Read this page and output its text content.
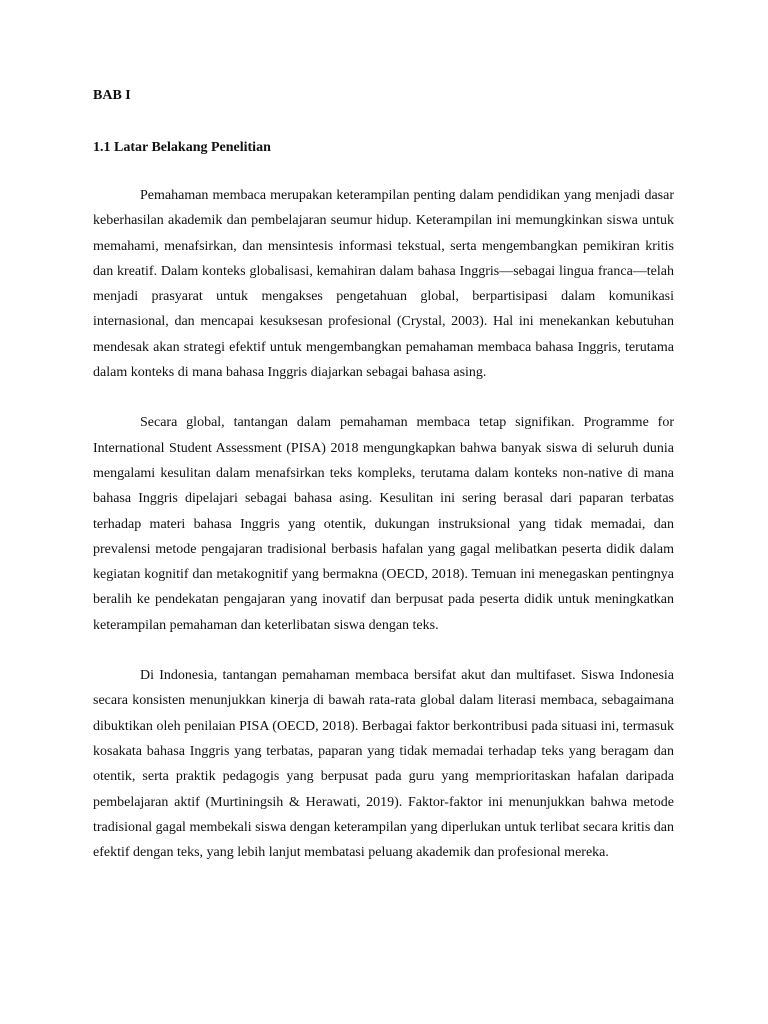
BAB I

1.1 Latar Belakang Penelitian

Pemahaman membaca merupakan keterampilan penting dalam pendidikan yang menjadi dasar keberhasilan akademik dan pembelajaran seumur hidup. Keterampilan ini memungkinkan siswa untuk memahami, menafsirkan, dan mensintesis informasi tekstual, serta mengembangkan pemikiran kritis dan kreatif. Dalam konteks globalisasi, kemahiran dalam bahasa Inggris—sebagai lingua franca—telah menjadi prasyarat untuk mengakses pengetahuan global, berpartisipasi dalam komunikasi internasional, dan mencapai kesuksesan profesional (Crystal, 2003). Hal ini menekankan kebutuhan mendesak akan strategi efektif untuk mengembangkan pemahaman membaca bahasa Inggris, terutama dalam konteks di mana bahasa Inggris diajarkan sebagai bahasa asing.

Secara global, tantangan dalam pemahaman membaca tetap signifikan. Programme for International Student Assessment (PISA) 2018 mengungkapkan bahwa banyak siswa di seluruh dunia mengalami kesulitan dalam menafsirkan teks kompleks, terutama dalam konteks non-native di mana bahasa Inggris dipelajari sebagai bahasa asing. Kesulitan ini sering berasal dari paparan terbatas terhadap materi bahasa Inggris yang otentik, dukungan instruksional yang tidak memadai, dan prevalensi metode pengajaran tradisional berbasis hafalan yang gagal melibatkan peserta didik dalam kegiatan kognitif dan metakognitif yang bermakna (OECD, 2018). Temuan ini menegaskan pentingnya beralih ke pendekatan pengajaran yang inovatif dan berpusat pada peserta didik untuk meningkatkan keterampilan pemahaman dan keterlibatan siswa dengan teks.

Di Indonesia, tantangan pemahaman membaca bersifat akut dan multifaset. Siswa Indonesia secara konsisten menunjukkan kinerja di bawah rata-rata global dalam literasi membaca, sebagaimana dibuktikan oleh penilaian PISA (OECD, 2018). Berbagai faktor berkontribusi pada situasi ini, termasuk kosakata bahasa Inggris yang terbatas, paparan yang tidak memadai terhadap teks yang beragam dan otentik, serta praktik pedagogis yang berpusat pada guru yang memprioritaskan hafalan daripada pembelajaran aktif (Murtiningsih & Herawati, 2019). Faktor-faktor ini menunjukkan bahwa metode tradisional gagal membekali siswa dengan keterampilan yang diperlukan untuk terlibat secara kritis dan efektif dengan teks, yang lebih lanjut membatasi peluang akademik dan profesional mereka.
